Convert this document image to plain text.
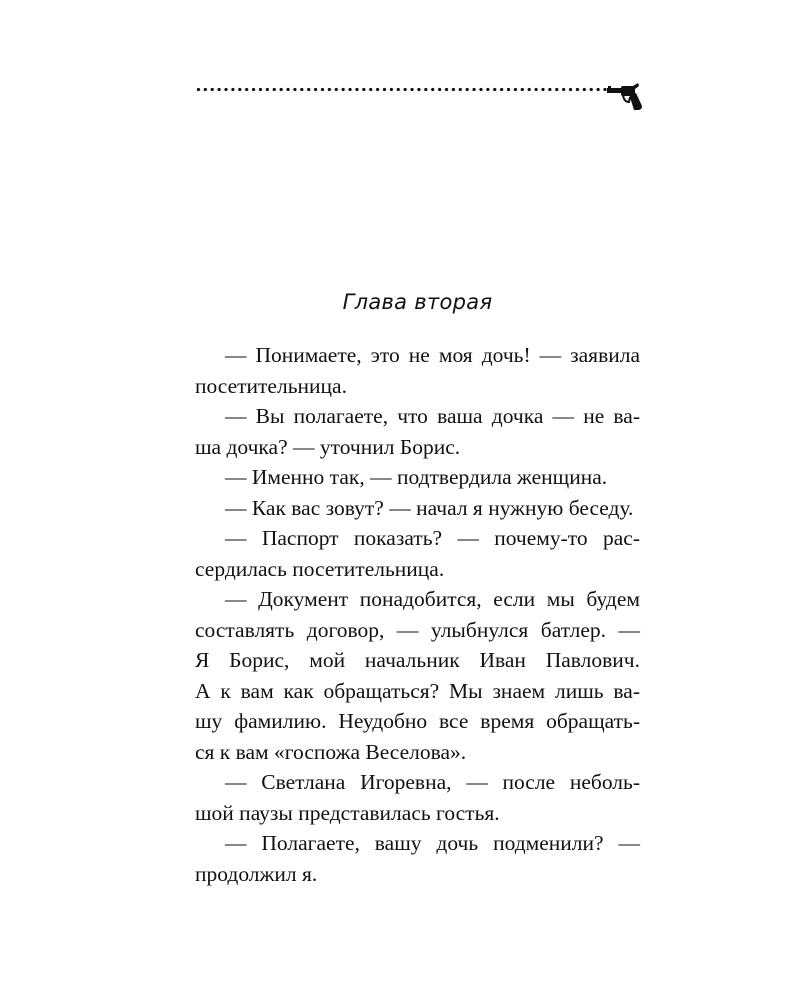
Глава вторая
— Понимаете, это не моя дочь! — заявила
посетительница.
— Вы полагаете, что ваша дочка — не ва-
ша дочка? — уточнил Борис.
— Именно так, — подтвердила женщина.
— Как вас зовут? — начал я нужную беседу.
— Паспорт показать? — почему-то рас-
сердилась посетительница.
— Документ понадобится, если мы будем
составлять договор, — улыбнулся батлер. —
Я Борис, мой начальник Иван Павлович.
А к вам как обращаться? Мы знаем лишь ва-
шу фамилию. Неудобно все время обращать-
ся к вам «госпожа Веселова».
— Светлана Игоревна, — после неболь-
шой паузы представилась гостья.
— Полагаете, вашу дочь подменили? —
продолжил я.
